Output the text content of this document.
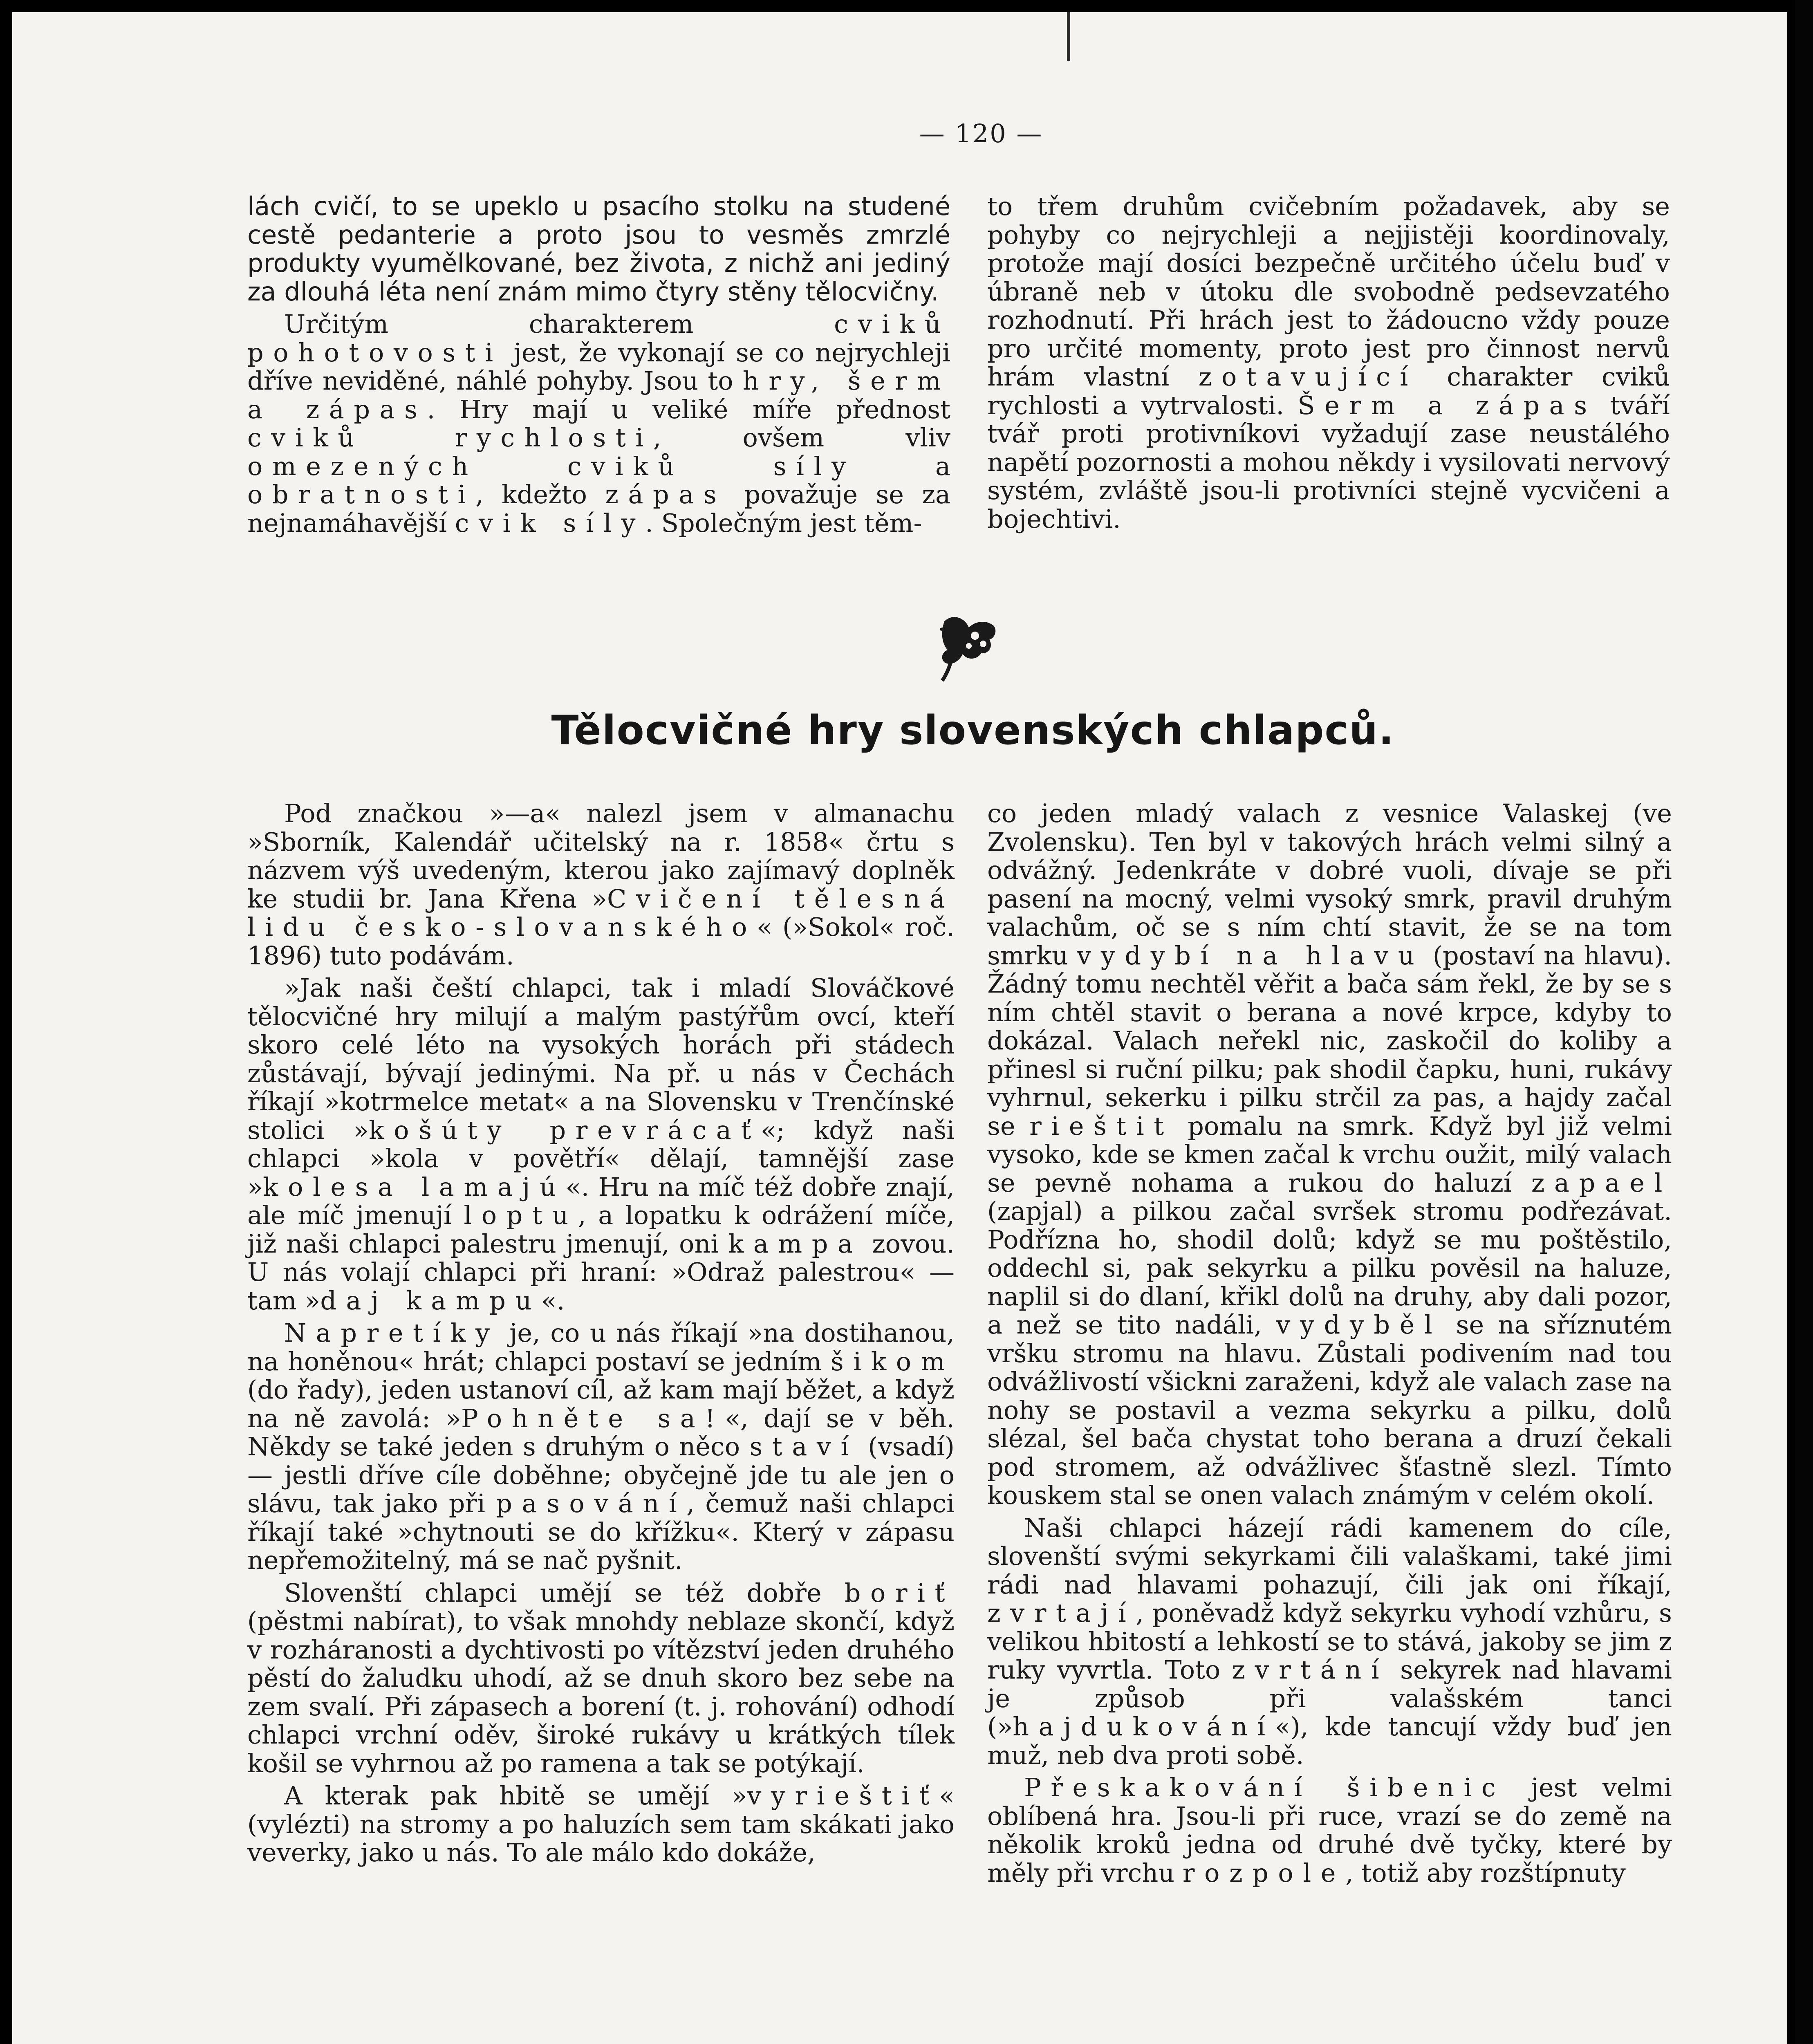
— 120 —

lách cvičí, to se upeklo u psacího stolku na studené cestě pedanterie a proto jsou to vesměs zmrzlé produkty vyumělkované, bez života, z nichž ani jediný za dlouhá léta není znám mimo čtyry stěny tělocvičny.

Určitým charakterem cviků pohotovosti jest, že vykonají se co nejrychleji dříve neviděné, náhlé pohyby. Jsou to hry, šerm a zápas. Hry mají u veliké míře přednost cviků rychlosti, ovšem vliv omezených cviků síly a obratnosti, kdežto zápas považuje se za nejnamáhavější cvik síly. Společným jest těm-

to třem druhům cvičebním požadavek, aby se pohyby co nejrychleji a nejjistěji koordinovaly, protože mají dosíci bezpečně určitého účelu buď v úbraně neb v útoku dle svobodně pedsevzatého rozhodnutí. Při hrách jest to žádoucno vždy pouze pro určité momenty, proto jest pro činnost nervů hrám vlastní zotavující charakter cviků rychlosti a vytrvalosti. Šerm a zápas tváří tvář proti protivníkovi vyžadují zase neustálého napětí pozornosti a mohou někdy i vysilovati nervový systém, zvláště jsou-li protivníci stejně vycvičeni a bojechtivi.

Tělocvičné hry slovenských chlapců.

Pod značkou »—a« nalezl jsem v almanachu »Sborník, Kalendář učitelský na r. 1858« črtu s názvem výš uvedeným, kterou jako zajímavý doplněk ke studii br. Jana Křena »Cvičení tělesná lidu česko-slovanského« (»Sokol« roč. 1896) tuto podávám.

»Jak naši čeští chlapci, tak i mladí Slováčkové tělocvičné hry milují a malým pastýřům ovcí, kteří skoro celé léto na vysokých horách při stádech zůstávají, bývají jedinými. Na př. u nás v Čechách říkají »kotrmelce metat« a na Slovensku v Trenčínské stolici »košúty prevrácať«; když naši chlapci »kola v povětří« dělají, tamnější zase »kolesa lamajú«. Hru na míč též dobře znají, ale míč jmenují loptu, a lopatku k odrážení míče, již naši chlapci palestru jmenují, oni kampa zovou. U nás volají chlapci při hraní: »Odraž palestrou« — tam »daj kampu«.

Napretíky je, co u nás říkají »na dostihanou, na honěnou« hrát; chlapci postaví se jedním šikom (do řady), jeden ustanoví cíl, až kam mají běžet, a když na ně zavolá: »Pohněte sa!«, dají se v běh. Někdy se také jeden s druhým o něco staví (vsadí) — jestli dříve cíle doběhne; obyčejně jde tu ale jen o slávu, tak jako při pasování, čemuž naši chlapci říkají také »chytnouti se do křížku«. Který v zápasu nepřemožitelný, má se nač pyšnit.

Slovenští chlapci umějí se též dobře boriť (pěstmi nabírat), to však mnohdy neblaze skončí, když v rozháranosti a dychtivosti po vítězství jeden druhého pěstí do žaludku uhodí, až se dnuh skoro bez sebe na zem svalí. Při zápasech a borení (t. j. rohování) odhodí chlapci vrchní oděv, široké rukávy u krátkých tílek košil se vyhrnou až po ramena a tak se potýkají.

A kterak pak hbitě se umějí »vyrieštiť« (vylézti) na stromy a po haluzích sem tam skákati jako veverky, jako u nás. To ale málo kdo dokáže,

co jeden mladý valach z vesnice Valaskej (ve Zvolensku). Ten byl v takových hrách velmi silný a odvážný. Jedenkráte v dobré vuoli, dívaje se při pasení na mocný, velmi vysoký smrk, pravil druhým valachům, oč se s ním chtí stavit, že se na tom smrku vydybí na hlavu (postaví na hlavu). Žádný tomu nechtěl věřit a bača sám řekl, že by se s ním chtěl stavit o berana a nové krpce, kdyby to dokázal. Valach neřekl nic, zaskočil do koliby a přinesl si ruční pilku; pak shodil čapku, huni, rukávy vyhrnul, sekerku i pilku strčil za pas, a hajdy začal se rieštit pomalu na smrk. Když byl již velmi vysoko, kde se kmen začal k vrchu oužit, milý valach se pevně nohama a rukou do haluzí zapael (zapjal) a pilkou začal svršek stromu podřezávat. Podřízna ho, shodil dolů; když se mu poštěstilo, oddechl si, pak sekyrku a pilku pověsil na haluze, naplil si do dlaní, křikl dolů na druhy, aby dali pozor, a než se tito nadáli, vydyběl se na sříznutém vršku stromu na hlavu. Zůstali podivením nad tou odvážlivostí všickni zaraženi, když ale valach zase na nohy se postavil a vezma sekyrku a pilku, dolů slézal, šel bača chystat toho berana a druzí čekali pod stromem, až odvážlivec šťastně slezl. Tímto kouskem stal se onen valach známým v celém okolí.

Naši chlapci házejí rádi kamenem do cíle, slovenští svými sekyrkami čili valaškami, také jimi rádi nad hlavami pohazují, čili jak oni říkají, zvrtají, poněvadž když sekyrku vyhodí vzhůru, s velikou hbitostí a lehkostí se to stává, jakoby se jim z ruky vyvrtla. Toto zvrtání sekyrek nad hlavami je způsob při valašském tanci (»hajdukování«), kde tancují vždy buď jen muž, neb dva proti sobě.

Přeskakování šibenic jest velmi oblíbená hra. Jsou-li při ruce, vrazí se do země na několik kroků jedna od druhé dvě tyčky, které by měly při vrchu rozpole, totiž aby rozštípnuty
